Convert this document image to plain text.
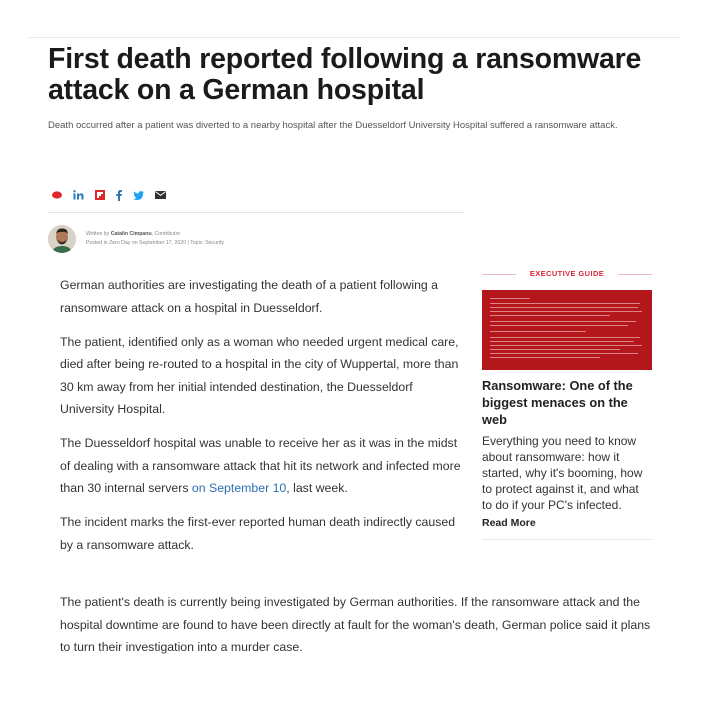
First death reported following a ransomware attack on a German hospital

Death occurred after a patient was diverted to a nearby hospital after the Duesseldorf University Hospital suffered a ransomware attack.

Written by Catalin Cimpanu, Contributor
Posted in Zero Day on September 17, 2020 | Topic: Security

German authorities are investigating the death of a patient following a ransomware attack on a hospital in Duesseldorf.

The patient, identified only as a woman who needed urgent medical care, died after being re-routed to a hospital in the city of Wuppertal, more than 30 km away from her initial intended destination, the Duesseldorf University Hospital.

The Duesseldorf hospital was unable to receive her as it was in the midst of dealing with a ransomware attack that hit its network and infected more than 30 internal servers on September 10, last week.

The incident marks the first-ever reported human death indirectly caused by a ransomware attack.

The patient's death is currently being investigated by German authorities. If the ransomware attack and the hospital downtime are found to have been directly at fault for the woman's death, German police said it plans to turn their investigation into a murder case.

EXECUTIVE GUIDE
Ransomware: One of the biggest menaces on the web
Everything you need to know about ransomware: how it started, why it's booming, how to protect against it, and what to do if your PC's infected.
Read More
